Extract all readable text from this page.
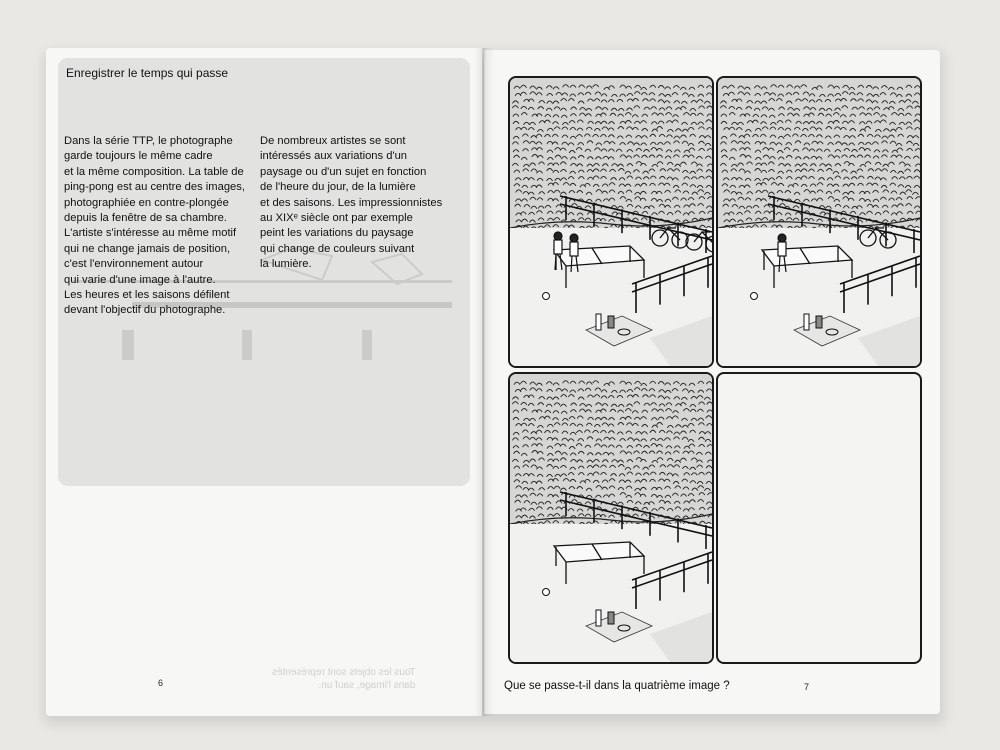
Enregistrer le temps qui passe
Dans la série TTP, le photographe
garde toujours le même cadre
et la même composition. La table de
ping-pong est au centre des images,
photographiée en contre-plongée
depuis la fenêtre de sa chambre.
L'artiste s'intéresse au même motif
qui ne change jamais de position,
c'est l'environnement autour
qui varie d'une image à l'autre.
Les heures et les saisons défilent
devant l'objectif du photographe.
De nombreux artistes se sont
intéressés aux variations d'un
paysage ou d'un sujet en fonction
de l'heure du jour, de la lumière
et des saisons. Les impressionnistes
au XIXᵉ siècle ont par exemple
peint les variations du paysage
qui change de couleurs suivant
la lumière.
6
Tous les objets sont représentés
dans l'image, sauf un.	Que se passe-t-il dans la quatrième image ?	7
